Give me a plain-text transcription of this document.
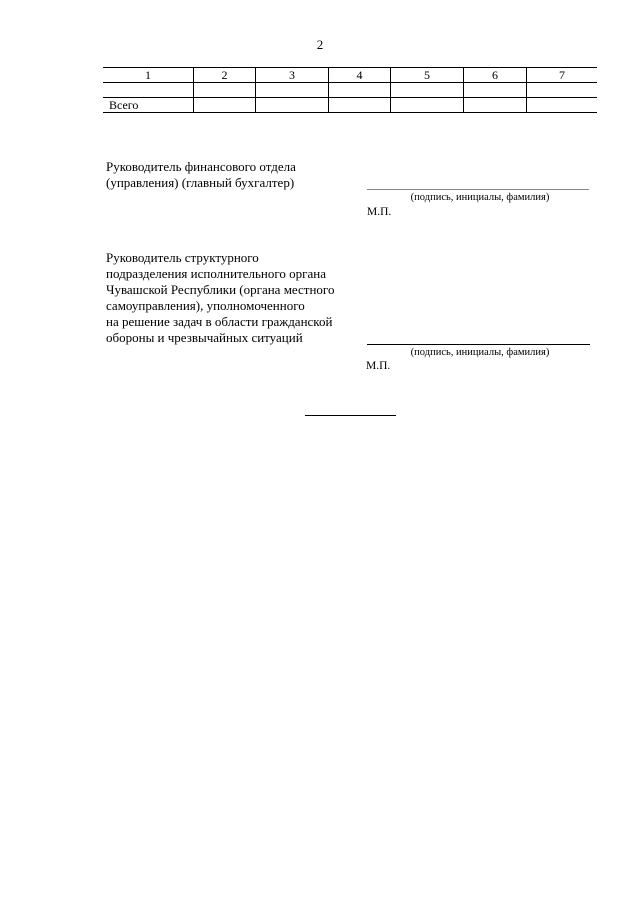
2
1	2	3	4	5	6	7

Всего						
Руководитель финансового отдела
(управления) (главный бухгалтер)
(подпись, инициалы, фамилия)
М.П.
Руководитель структурного
подразделения исполнительного органа
Чувашской Республики (органа местного
самоуправления), уполномоченного
на решение задач в области гражданской
обороны и чрезвычайных ситуаций
(подпись, инициалы, фамилия)
М.П.
